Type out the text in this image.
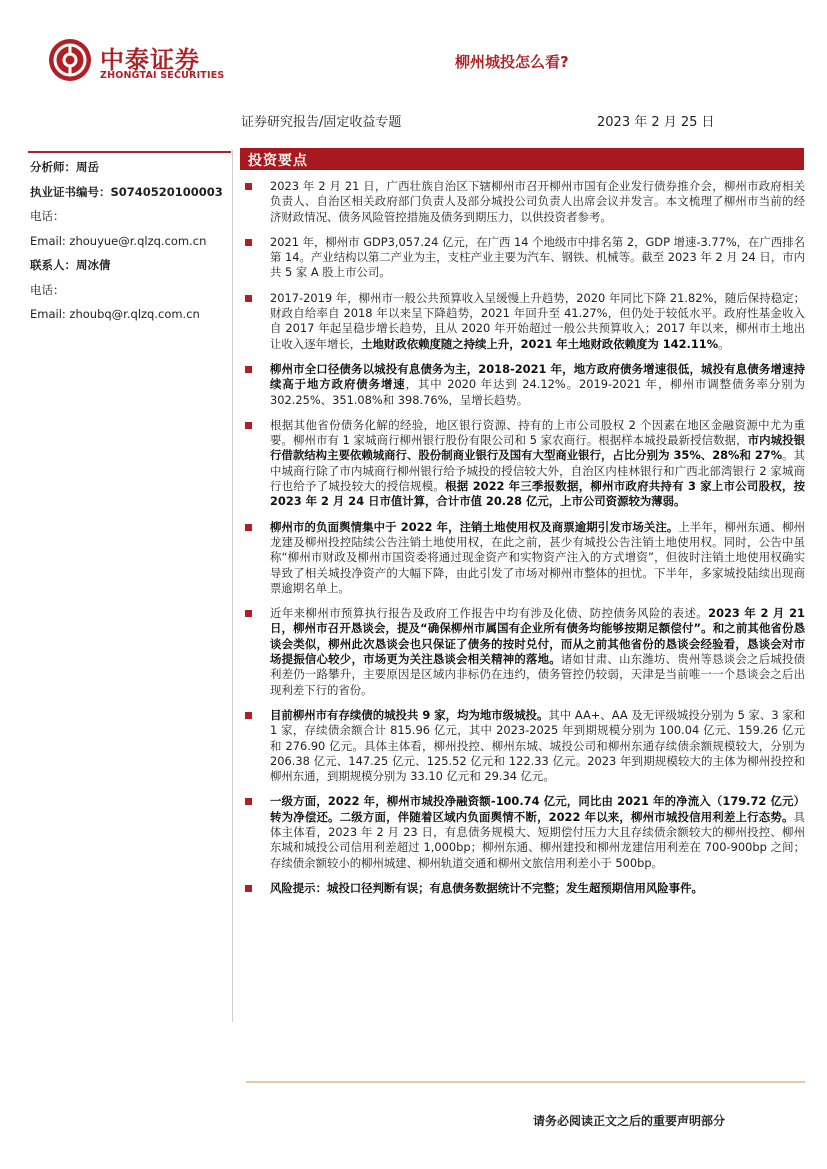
中泰证券
ZHONGTAI SECURITIES
柳州城投怎么看?
证券研究报告/固定收益专题	2023 年 2 月 25 日
分析师：周岳
执业证书编号：S0740520100003
电话：
Email: zhouyue@r.qlzq.com.cn
联系人：周冰倩
电话：
Email: zhoubq@r.qlzq.com.cn
投资要点
2023 年 2 月 21 日，广西壮族自治区下辖柳州市召开柳州市国有企业发行债券推介会，柳州市政府相关负责人、自治区相关政府部门负责人及部分城投公司负责人出席会议并发言。本文梳理了柳州市当前的经济财政情况、债务风险管控措施及债务到期压力，以供投资者参考。
2021 年，柳州市 GDP3,057.24 亿元，在广西 14 个地级市中排名第 2，GDP 增速-3.77%，在广西排名第 14。产业结构以第二产业为主，支柱产业主要为汽车、钢铁、机械等。截至 2023 年 2 月 24 日，市内共 5 家 A 股上市公司。
2017-2019 年，柳州市一般公共预算收入呈缓慢上升趋势，2020 年同比下降 21.82%，随后保持稳定；财政自给率自 2018 年以来呈下降趋势，2021 年回升至 41.27%，但仍处于较低水平。政府性基金收入自 2017 年起呈稳步增长趋势，且从 2020 年开始超过一般公共预算收入；2017 年以来，柳州市土地出让收入逐年增长，土地财政依赖度随之持续上升，2021 年土地财政依赖度为 142.11%。
柳州市全口径债务以城投有息债务为主，2018-2021 年，地方政府债务增速很低，城投有息债务增速持续高于地方政府债务增速，其中 2020 年达到 24.12%。2019-2021 年，柳州市调整债务率分别为 302.25%、351.08%和 398.76%，呈增长趋势。
根据其他省份债务化解的经验，地区银行资源、持有的上市公司股权 2 个因素在地区金融资源中尤为重要。柳州市有 1 家城商行柳州银行股份有限公司和 5 家农商行。根据样本城投最新授信数据，市内城投银行借款结构主要依赖城商行、股份制商业银行及国有大型商业银行，占比分别为 35%、28%和 27%。其中城商行除了市内城商行柳州银行给予城投的授信较大外，自治区内桂林银行和广西北部湾银行 2 家城商行也给予了城投较大的授信规模。根据 2022 年三季报数据，柳州市政府共持有 3 家上市公司股权，按 2023 年 2 月 24 日市值计算，合计市值 20.28 亿元，上市公司资源较为薄弱。
柳州市的负面舆情集中于 2022 年，注销土地使用权及商票逾期引发市场关注。上半年，柳州东通、柳州龙建及柳州投控陆续公告注销土地使用权，在此之前，甚少有城投公告注销土地使用权。同时，公告中虽称“柳州市财政及柳州市国资委将通过现金资产和实物资产注入的方式增资”，但彼时注销土地使用权确实导致了相关城投净资产的大幅下降，由此引发了市场对柳州市整体的担忧。下半年，多家城投陆续出现商票逾期名单上。
近年来柳州市预算执行报告及政府工作报告中均有涉及化债、防控债务风险的表述。2023 年 2 月 21 日，柳州市召开恳谈会，提及“确保柳州市属国有企业所有债务均能够按期足额偿付”。和之前其他省份恳谈会类似，柳州此次恳谈会也只保证了债务的按时兑付，而从之前其他省份的恳谈会经验看，恳谈会对市场提振信心较少，市场更为关注恳谈会相关精神的落地。诸如甘肃、山东潍坊、贵州等恳谈会之后城投债利差仍一路攀升，主要原因是区域内非标仍在违约，债务管控仍较弱，天津是当前唯一一个恳谈会之后出现利差下行的省份。
目前柳州市有存续债的城投共 9 家，均为地市级城投。其中 AA+、AA 及无评级城投分别为 5 家、3 家和 1 家，存续债余额合计 815.96 亿元，其中 2023-2025 年到期规模分别为 100.04 亿元、159.26 亿元和 276.90 亿元。具体主体看，柳州投控、柳州东城、城投公司和柳州东通存续债余额规模较大，分别为 206.38 亿元、147.25 亿元、125.52 亿元和 122.33 亿元。2023 年到期规模较大的主体为柳州投控和柳州东通，到期规模分别为 33.10 亿元和 29.34 亿元。
一级方面，2022 年，柳州市城投净融资额-100.74 亿元，同比由 2021 年的净流入（179.72 亿元）转为净偿还。二级方面，伴随着区域内负面舆情不断，2022 年以来，柳州市城投信用利差上行态势。具体主体看，2023 年 2 月 23 日，有息债务规模大、短期偿付压力大且存续债余额较大的柳州投控、柳州东城和城投公司信用利差超过 1,000bp；柳州东通、柳州建投和柳州龙建信用利差在 700-900bp 之间；存续债余额较小的柳州城建、柳州轨道交通和柳州文旅信用利差小于 500bp。
风险提示：城投口径判断有误；有息债务数据统计不完整；发生超预期信用风险事件。
请务必阅读正文之后的重要声明部分
